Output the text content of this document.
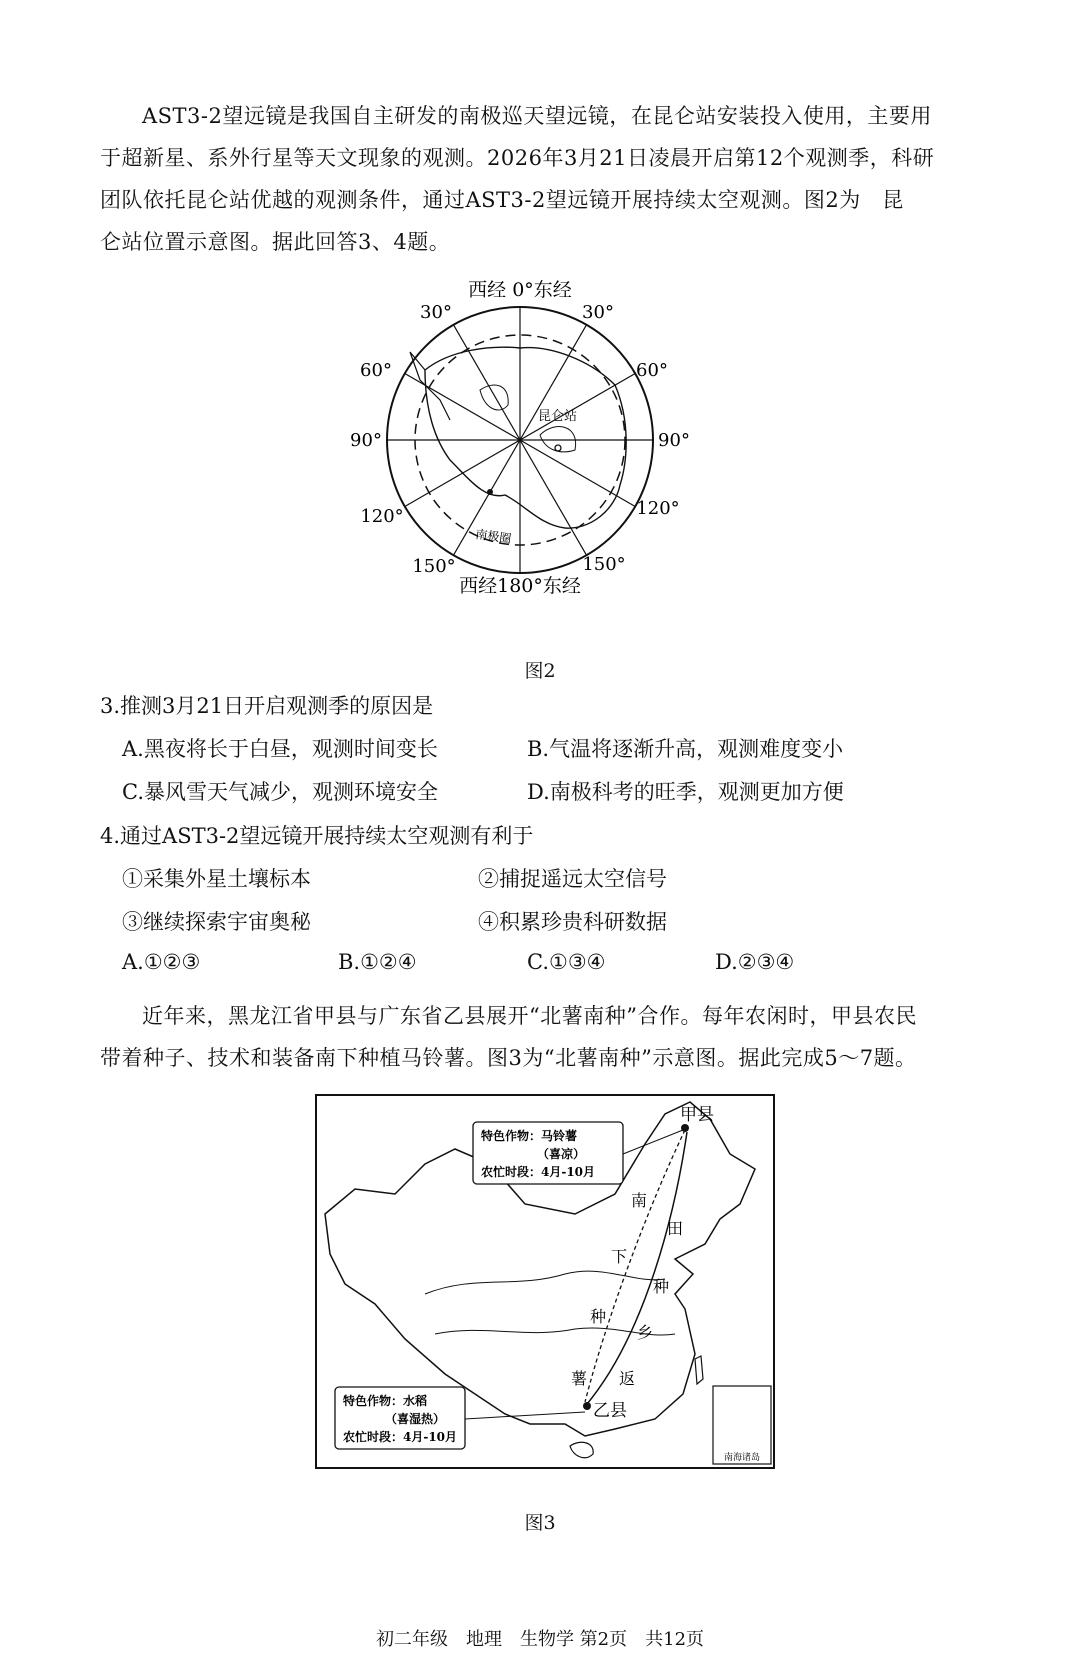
AST3-2望远镜是我国自主研发的南极巡天望远镜，在昆仑站安装投入使用，主要用

于超新星、系外行星等天文现象的观测。2026年3月21日凌晨开启第12个观测季，科研

团队依托昆仑站优越的观测条件，通过AST3-2望远镜开展持续太空观测。图2为　昆

仑站位置示意图。据此回答3、4题。

昆仑站
南极圈
西经 0°东经
西经180°东经
30°	30°
60°	60°
90°	90°
120°	120°
150°	150°

图2

3.推测3月21日开启观测季的原因是

A.黑夜将长于白昼，观测时间变长	B.气温将逐渐升高，观测难度变小

C.暴风雪天气减少，观测环境安全	D.南极科考的旺季，观测更加方便

4.通过AST3-2望远镜开展持续太空观测有利于

①采集外星土壤标本	②捕捉遥远太空信号

③继续探索宇宙奥秘	④积累珍贵科研数据

A.①②③	B.①②④	C.①③④	D.②③④

近年来，黑龙江省甲县与广东省乙县展开“北薯南种”合作。每年农闲时，甲县农民

带着种子、技术和装备南下种植马铃薯。图3为“北薯南种”示意图。据此完成5～7题。

南海诸岛
甲县
乙县
南
下
种
薯
田
种
乡
返
特色作物：马铃薯
（喜凉）
农忙时段：4月-10月
特色作物：水稻
（喜湿热）
农忙时段：4月-10月

图3

初二年级　地理　生物学 第2页　共12页
